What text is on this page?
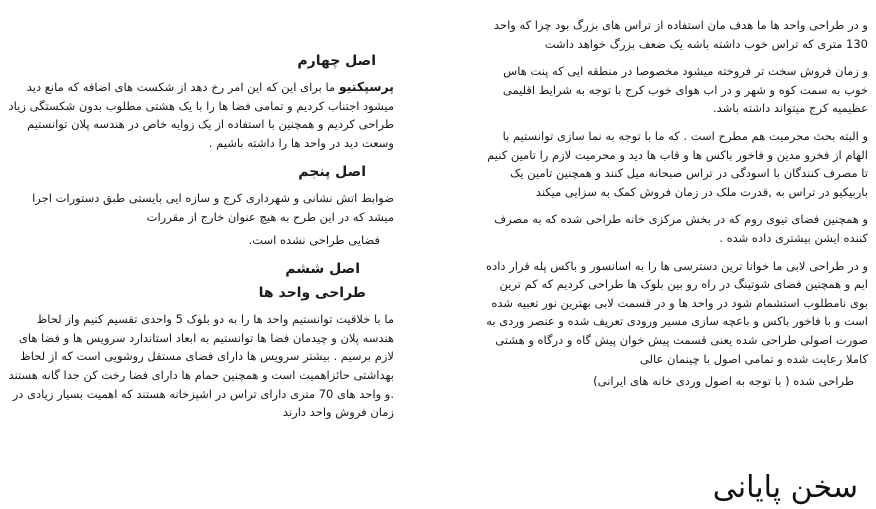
و در طراحی واحد ها ما هدف مان استفاده از تراس های بزرگ بود چرا که واحد 130 متری که تراس خوب داشته باشه یک ضعف بزرگ خواهد داشت

و زمان فروش سخت تر فروخته میشود مخصوصا در منطقه ایی که پنت هاس خوب به سمت کوه و شهر و در اب هوای خوب کرج با توجه به شرایط اقلیمی عظیمیه کرج میتواند داشته باشد.

و البته بحث محرمیت هم مطرح است . که ما با توجه به نما سازی توانستیم با الهام از فخرو مدین و فاخور باکس ها و قاب ها دید و محرمیت لازم را تامین کنیم تا مصرف کنندگان با اسودگی در تراس صبحانه میل کنند و همچنین تامین یک باربیکیو در تراس به ,قدرت ملک در زمان فروش کمک به سزایی میکند

و همچنین فضای تیوی روم که در بخش مرکزی خانه طراحی شده که به مصرف کننده ایشن بیشتری داده شده .

و در طراحی لابی ما خوانا ترین دسترسی ها را به اسانسور و باکس پله قرار داده ایم و همچنین فضای شوتینگ در راه رو بین بلوک ها طراحی کردیم که کم ترین بوی نامطلوب استشمام شود در واحد ها و در قسمت لابی بهترین نور تعبیه شده است و با فاخور باکس و باعچه سازی مسیر ورودی تعریف شده و عنصر وردی به صورت اصولی طراحی شده یعنی قسمت پیش خوان پیش گاه و درگاه و هشتی کاملا رعایت شده و تمامی اصول با چینمان عالی

طراحی شده ( با توجه به اصول وردی خانه های ایرانی)

سخن پایانی
اصل چهارم

پرسپکتیو ما برای این که این امر رخ دهد از شکست های اضافه که مانع دید میشود اجتناب کردیم و تمامی فضا ها را با یک هشتی مطلوب بدون شکستگی زیاد طراحی کردیم و همچنین با استفاده از یک زوایه خاص در هندسه پلان توانستیم وسعت دید در واحد ها را داشته باشیم .

اصل پنجم

ضوابط اتش نشانی و شهرداری کرج و سازه ایی بایستی طبق دستورات اجرا میشد که در این طرح به هیچ عنوان خارج از مقررات

فضایی طراحی نشده است.

اصل ششم
طراحی واحد ها

ما با خلاقیت توانستیم واحد ها را به دو بلوک 5 واحدی تقسیم کنیم واز لحاظ هندسه پلان و چیدمان فضا ها توانستیم به ابعاد استاندارد سرویس ها و فضا های لازم برسیم . بیشتر سرویس ها دارای فضای مستقل روشویی است که از لحاظ بهداشتی حائزاهمیت است و همچنین حمام ها دارای فضا رخت کن جدا گانه هستند .و واحد های 70 متری دارای تراس در اشپزخانه هستند که اهمیت بسیار زیادی در زمان فروش واحد دارند
